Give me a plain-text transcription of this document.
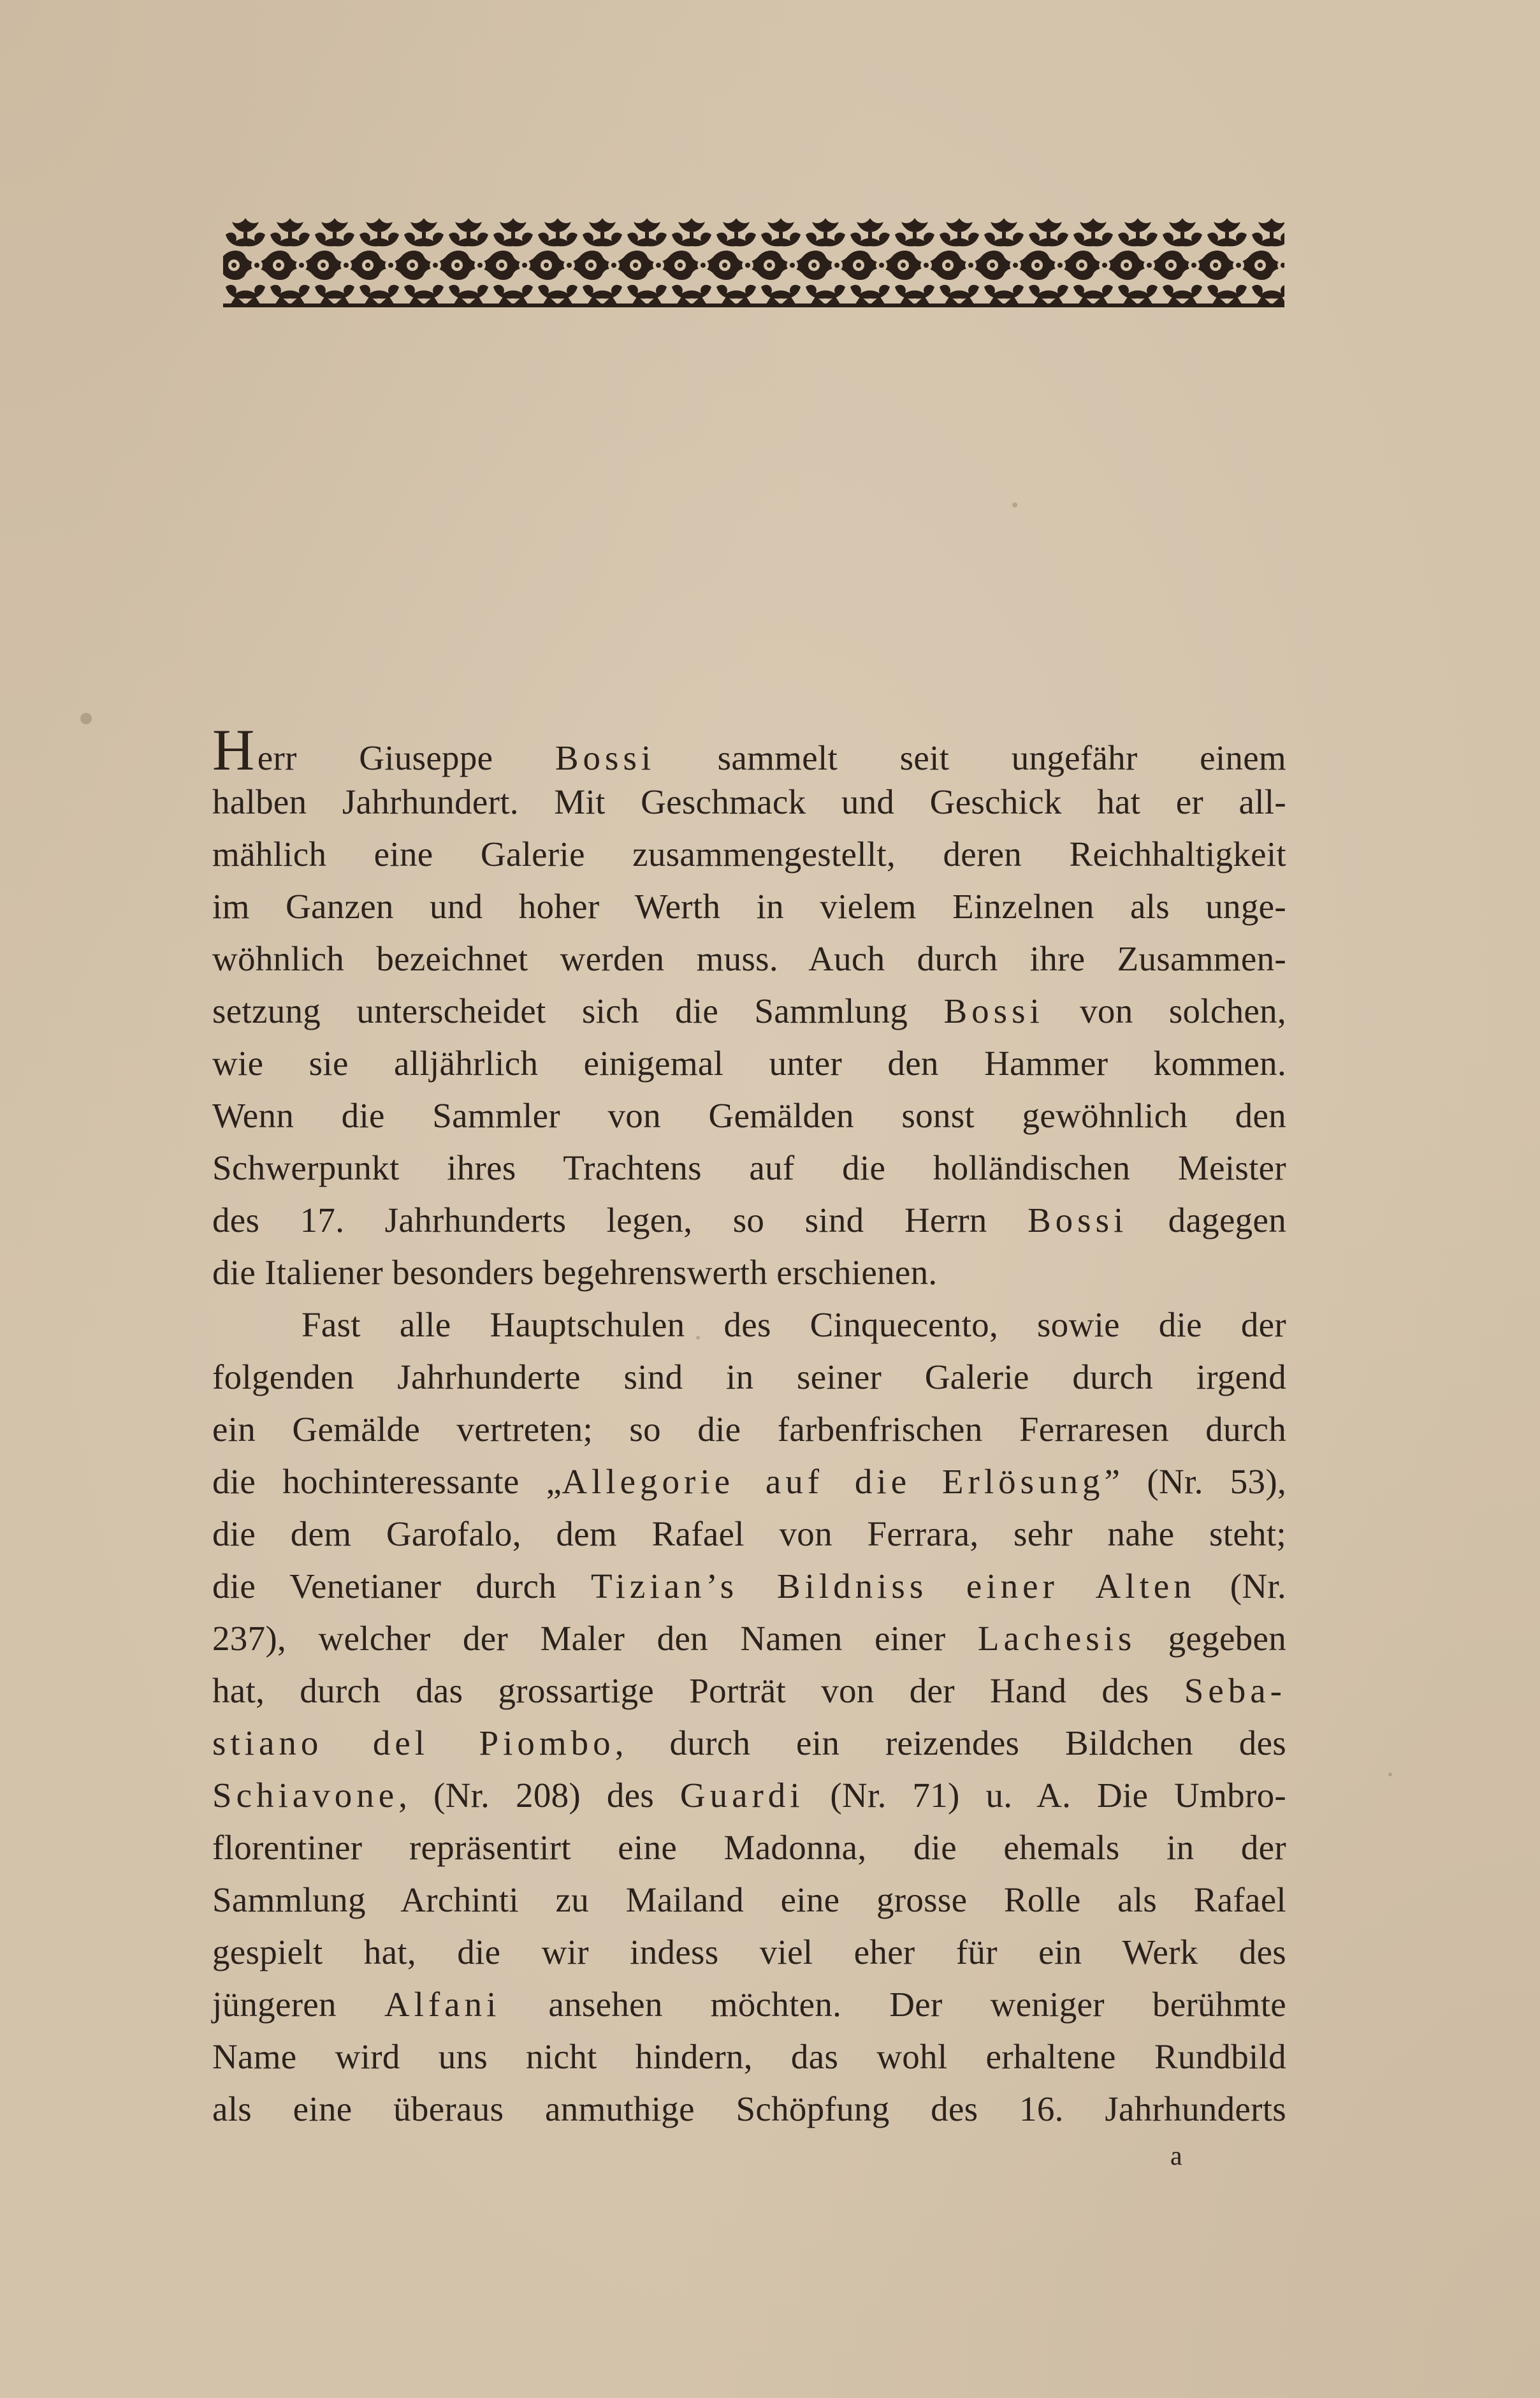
Herr Giuseppe Bossi sammelt seit ungefähr einem
halben Jahrhundert. Mit Geschmack und Geschick hat er all-
mählich eine Galerie zusammengestellt, deren Reichhaltigkeit
im Ganzen und hoher Werth in vielem Einzelnen als unge-
wöhnlich bezeichnet werden muss. Auch durch ihre Zusammen-
setzung unterscheidet sich die Sammlung Bossi von solchen,
wie sie alljährlich einigemal unter den Hammer kommen.
Wenn die Sammler von Gemälden sonst gewöhnlich den
Schwerpunkt ihres Trachtens auf die holländischen Meister
des 17. Jahrhunderts legen, so sind Herrn Bossi dagegen
die Italiener besonders begehrenswerth erschienen.
Fast alle Hauptschulen des Cinquecento, sowie die der
folgenden Jahrhunderte sind in seiner Galerie durch irgend
ein Gemälde vertreten; so die farbenfrischen Ferraresen durch
die hochinteressante „Allegorie auf die Erlösung” (Nr. 53),
die dem Garofalo, dem Rafael von Ferrara, sehr nahe steht;
die Venetianer durch Tizian’s Bildniss einer Alten (Nr.
237), welcher der Maler den Namen einer Lachesis gegeben
hat, durch das grossartige Porträt von der Hand des Seba-
stiano del Piombo, durch ein reizendes Bildchen des
Schiavone, (Nr. 208) des Guardi (Nr. 71) u. A. Die Umbro-
florentiner repräsentirt eine Madonna, die ehemals in der
Sammlung Archinti zu Mailand eine grosse Rolle als Rafael
gespielt hat, die wir indess viel eher für ein Werk des
jüngeren Alfani ansehen möchten. Der weniger berühmte
Name wird uns nicht hindern, das wohl erhaltene Rundbild
als eine überaus anmuthige Schöpfung des 16. Jahrhunderts
a
